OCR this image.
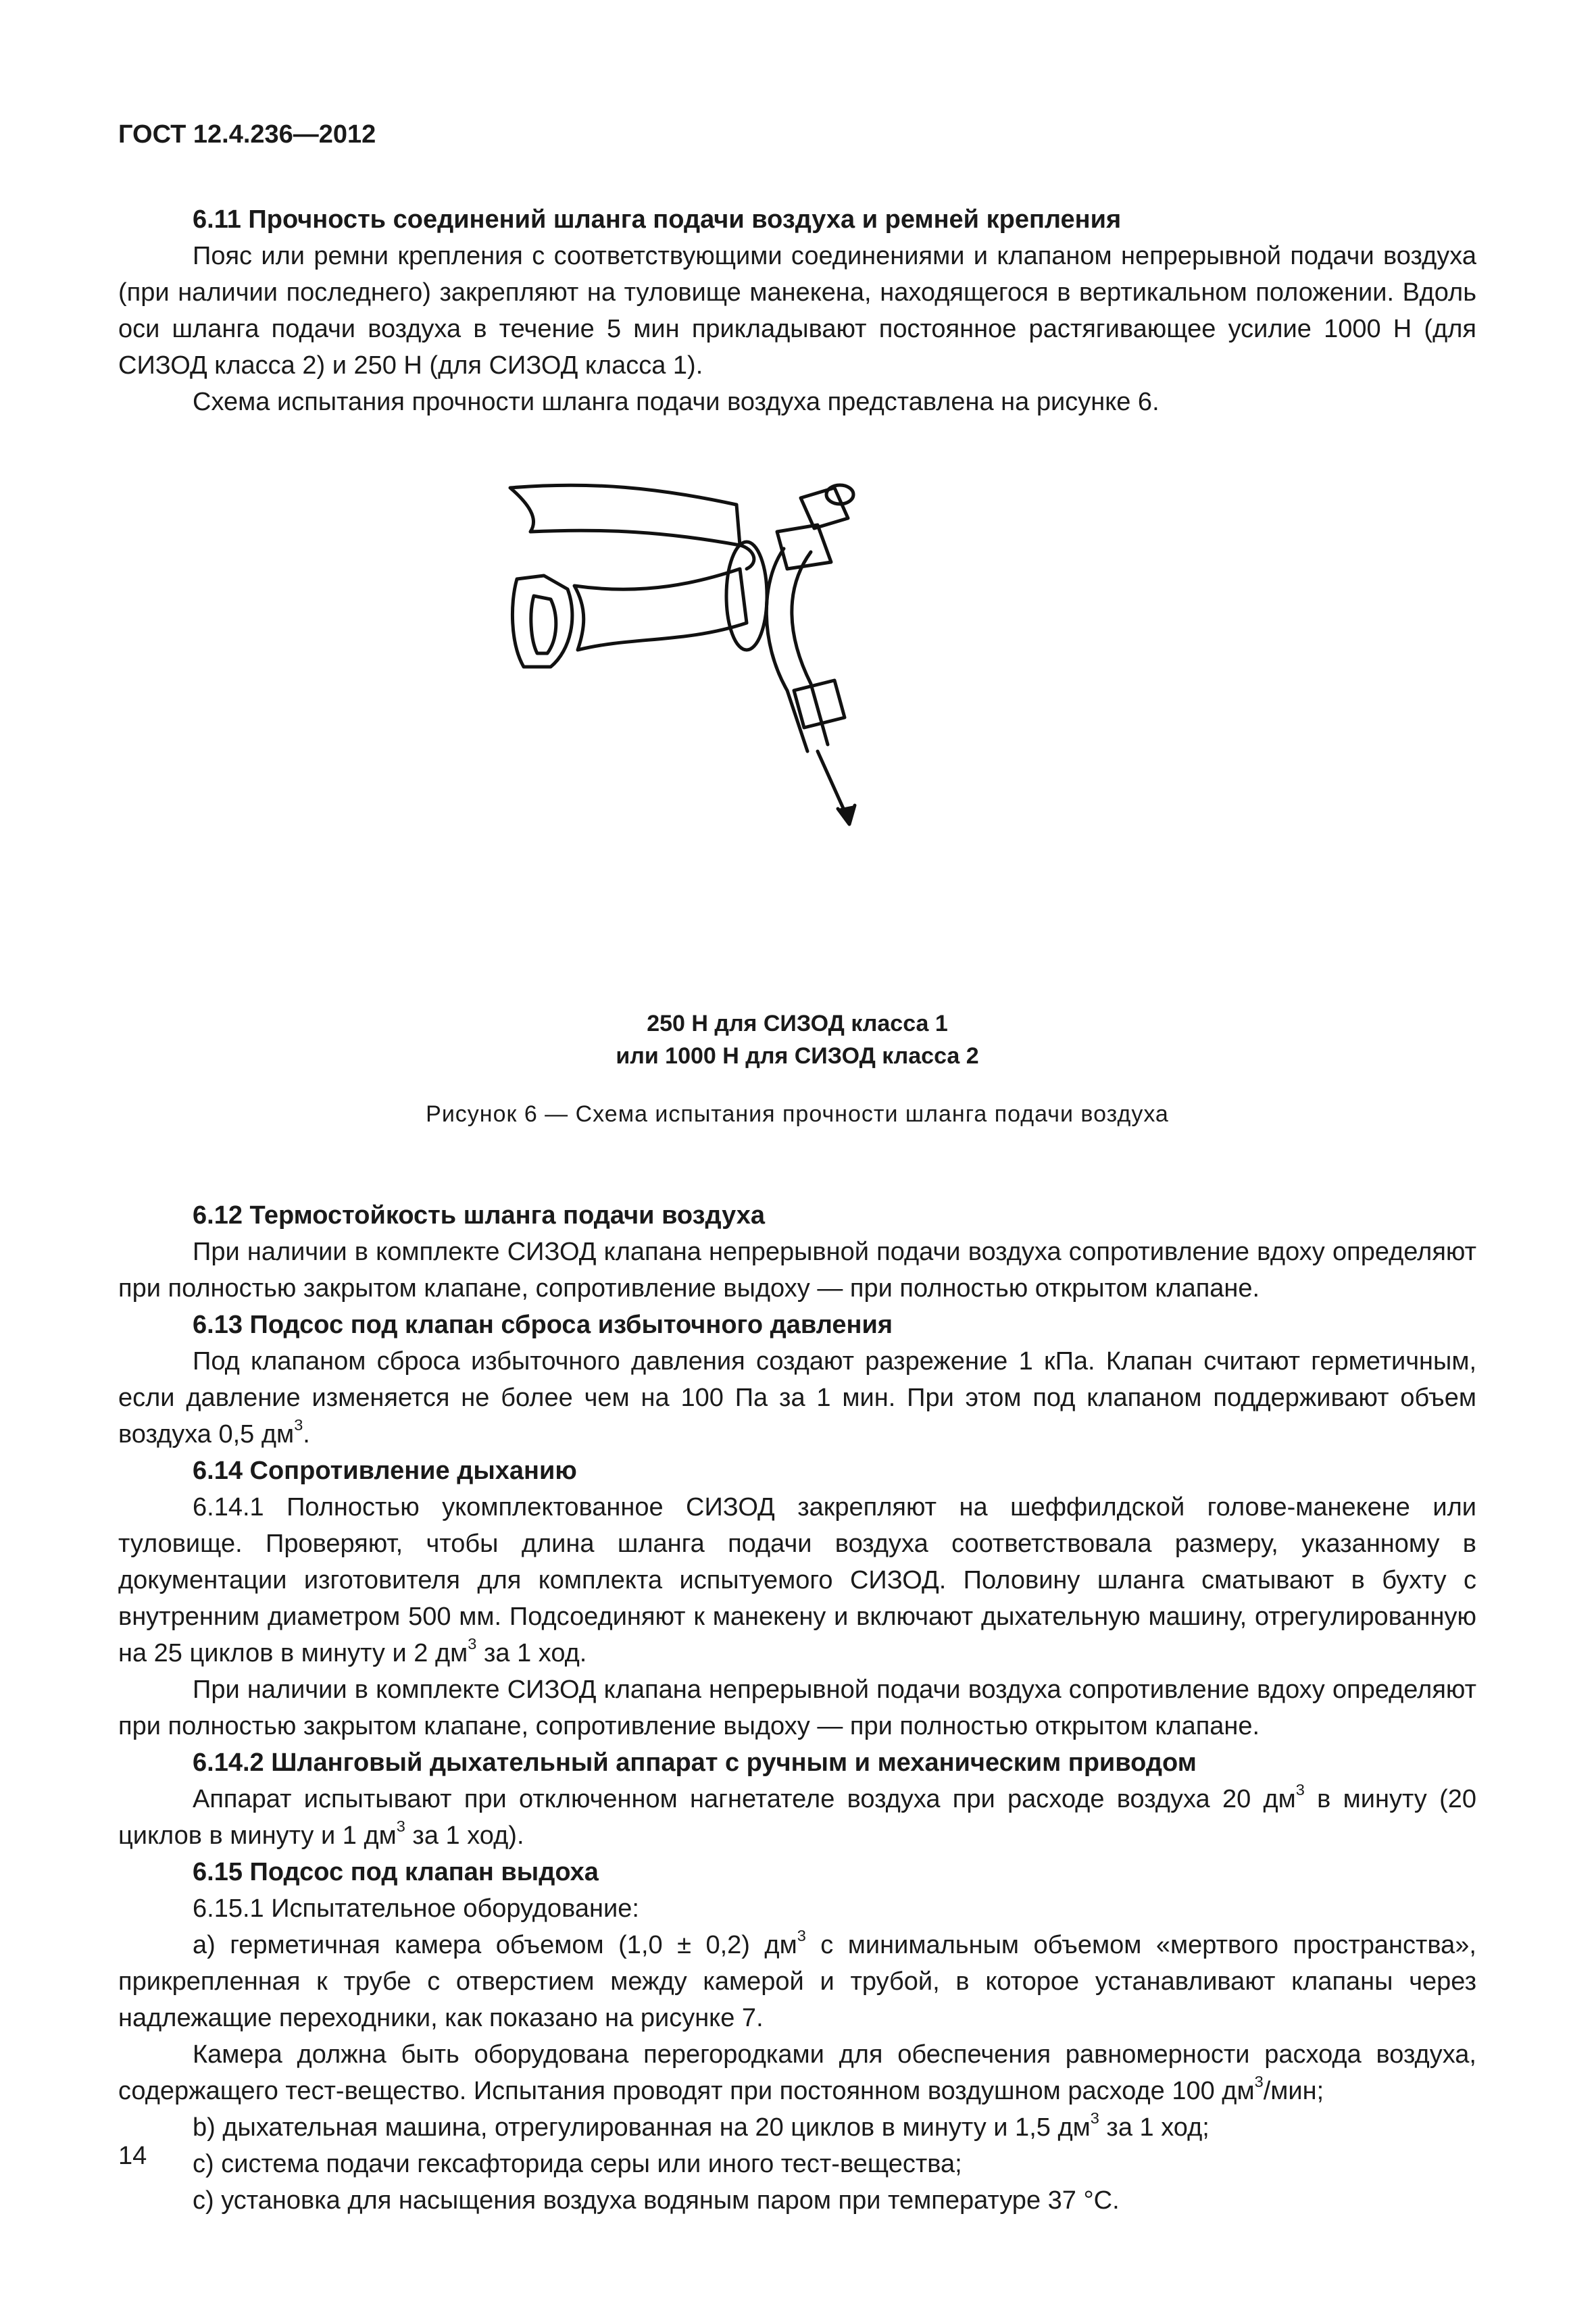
ГОСТ 12.4.236—2012
6.11 Прочность соединений шланга подачи воздуха и ремней крепления

Пояс или ремни крепления с соответствующими соединениями и клапаном непрерывной подачи воздуха (при наличии последнего) закрепляют на туловище манекена, находящегося в вертикальном положении. Вдоль оси шланга подачи воздуха в течение 5 мин прикладывают постоянное растягивающее усилие 1000 Н (для СИЗОД класса 2) и 250 Н (для СИЗОД класса 1).

Схема испытания прочности шланга подачи воздуха представлена на рисунке 6.

250 Н для СИЗОД класса 1
или 1000 Н для СИЗОД класса 2
Рисунок 6 — Схема испытания прочности шланга подачи воздуха
6.12 Термостойкость шланга подачи воздуха

При наличии в комплекте СИЗОД клапана непрерывной подачи воздуха сопротивление вдоху определяют при полностью закрытом клапане, сопротивление выдоху — при полностью открытом клапане.

6.13 Подсос под клапан сброса избыточного давления

Под клапаном сброса избыточного давления создают разрежение 1 кПа. Клапан считают герметичным, если давление изменяется не более чем на 100 Па за 1 мин. При этом под клапаном поддерживают объем воздуха 0,5 $дм^3$.

6.14 Сопротивление дыханию

6.14.1 Полностью укомплектованное СИЗОД закрепляют на шеффилдской голове-манекене или туловище. Проверяют, чтобы длина шланга подачи воздуха соответствовала размеру, указанному в документации изготовителя для комплекта испытуемого СИЗОД. Половину шланга сматывают в бухту с внутренним диаметром 500 мм. Подсоединяют к манекену и включают дыхательную машину, отрегулированную на 25 циклов в минуту и 2 $дм^3$ за 1 ход.

При наличии в комплекте СИЗОД клапана непрерывной подачи воздуха сопротивление вдоху определяют при полностью закрытом клапане, сопротивление выдоху — при полностью открытом клапане.

6.14.2 Шланговый дыхательный аппарат с ручным и механическим приводом

Аппарат испытывают при отключенном нагнетателе воздуха при расходе воздуха 20 $дм^3$ в минуту (20 циклов в минуту и 1 $дм^3$ за 1 ход).

6.15 Подсос под клапан выдоха

6.15.1 Испытательное оборудование:

а) герметичная камера объемом (1,0 ± 0,2) $дм^3$ с минимальным объемом «мертвого пространства», прикрепленная к трубе с отверстием между камерой и трубой, в которое устанавливают клапаны через надлежащие переходники, как показано на рисунке 7.

Камера должна быть оборудована перегородками для обеспечения равномерности расхода воздуха, содержащего тест-вещество. Испытания проводят при постоянном воздушном расходе 100 $дм^3$/мин;

b) дыхательная машина, отрегулированная на 20 циклов в минуту и 1,5 $дм^3$ за 1 ход;

c) система подачи гексафторида серы или иного тест-вещества;

c) установка для насыщения воздуха водяным паром при температуре 37 °С.

14
